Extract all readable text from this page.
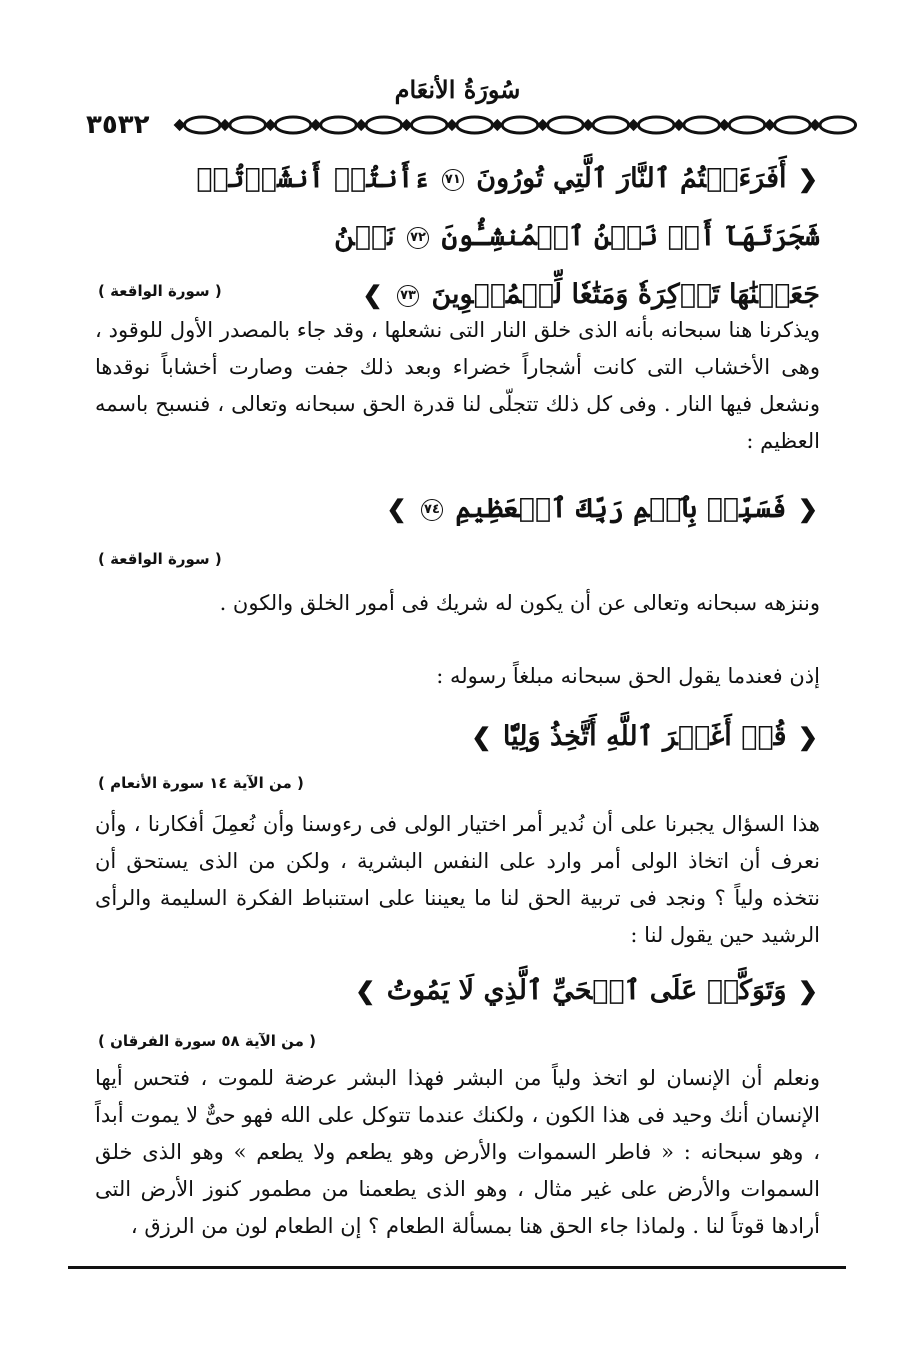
سُورَةُ الأنعَام
٣٥٣٢
❮ أَفَرَءَيۡتُمُ ٱلنَّارَ ٱلَّتِي تُورُونَ ٧١ ءَأَنتُمۡ أَنشَأۡتُمۡ شَجَرَتَهَآ أَمۡ نَحۡنُ ٱلۡمُنشِـُٔونَ ٧٢ نَحۡنُ
جَعَلۡنَٰهَا تَذۡكِرَةٗ وَمَتَٰعٗا لِّلۡمُقۡوِينَ ٧٣ ❯
( سورة الواقعة )
ويذكرنا هنا سبحانه بأنه الذى خلق النار التى نشعلها ، وقد جاء بالمصدر الأول للوقود ، وهى الأخشاب التى كانت أشجاراً خضراء وبعد ذلك جفت وصارت أخشاباً نوقدها ونشعل فيها النار . وفى كل ذلك تتجلّى لنا قدرة الحق سبحانه وتعالى ، فنسبح باسمه العظيم :
❮ فَسَبِّحۡ بِٱسۡمِ رَبِّكَ ٱلۡعَظِيمِ ٧٤ ❯
( سورة الواقعة )
وننزهه سبحانه وتعالى عن أن يكون له شريك فى أمور الخلق والكون .
إذن فعندما يقول الحق سبحانه مبلغاً رسوله :
❮ قُلۡ أَغَيۡرَ ٱللَّهِ أَتَّخِذُ وَلِيّٗا ❯
( من الآية ١٤ سورة الأنعام )
هذا السؤال يجبرنا على أن نُدير أمر اختيار الولى فى رءوسنا وأن نُعمِلَ أفكارنا ، وأن نعرف أن اتخاذ الولى أمر وارد على النفس البشرية ، ولكن من الذى يستحق أن نتخذه ولياً ؟ ونجد فى تربية الحق لنا ما يعيننا على استنباط الفكرة السليمة والرأى الرشيد حين يقول لنا :
❮ وَتَوَكَّلۡ عَلَى ٱلۡحَيِّ ٱلَّذِي لَا يَمُوتُ ❯
( من الآية ٥٨ سورة الفرقان )
ونعلم أن الإنسان لو اتخذ ولياً من البشر فهذا البشر عرضة للموت ، فتحس أيها الإنسان أنك وحيد فى هذا الكون ، ولكنك عندما تتوكل على الله فهو حىٌّ لا يموت أبداً ، وهو سبحانه : « فاطر السموات والأرض وهو يطعم ولا يطعم » وهو الذى خلق السموات والأرض على غير مثال ، وهو الذى يطعمنا من مطمور كنوز الأرض التى أرادها قوتاً لنا . ولماذا جاء الحق هنا بمسألة الطعام ؟ إن الطعام لون من الرزق ،
